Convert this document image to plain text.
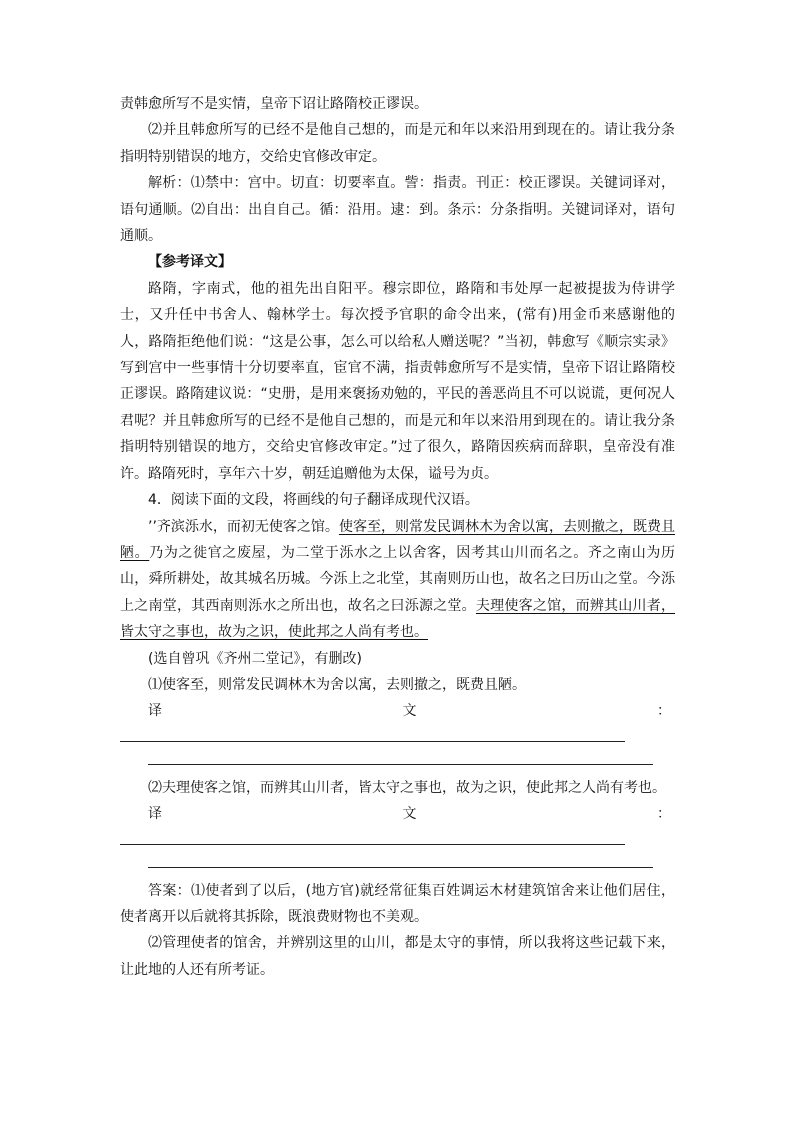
责韩愈所写不是实情，皇帝下诏让路隋校正谬误。

⑵并且韩愈所写的已经不是他自己想的，而是元和年以来沿用到现在的。请让我分条指明特别错误的地方，交给史官修改审定。

解析：⑴禁中：宫中。切直：切要率直。訾：指责。刊正：校正谬误。关键词译对，语句通顺。⑵自出：出自自己。循：沿用。逮：到。条示：分条指明。关键词译对，语句通顺。

【参考译文】

路隋，字南式，他的祖先出自阳平。穆宗即位，路隋和韦处厚一起被提拔为侍讲学士，又升任中书舍人、翰林学士。每次授予官职的命令出来，(常有)用金币来感谢他的人，路隋拒绝他们说：“这是公事，怎么可以给私人赠送呢？”当初，韩愈写《顺宗实录》写到宫中一些事情十分切要率直，宦官不满，指责韩愈所写不是实情，皇帝下诏让路隋校正谬误。路隋建议说：“史册，是用来褒扬劝勉的，平民的善恶尚且不可以说谎，更何况人君呢？并且韩愈所写的已经不是他自己想的，而是元和年以来沿用到现在的。请让我分条指明特别错误的地方，交给史官修改审定。”过了很久，路隋因疾病而辞职，皇帝没有准许。路隋死时，享年六十岁，朝廷追赠他为太保，谥号为贞。

4．阅读下面的文段，将画线的句子翻译成现代汉语。

’’齐滨泺水，而初无使客之馆。使客至，则常发民调林木为舍以寓，去则撤之，既费且陋。乃为之徙官之废屋，为二堂于泺水之上以舍客，因考其山川而名之。齐之南山为历山，舜所耕处，故其城名历城。今泺上之北堂，其南则历山也，故名之曰历山之堂。今泺上之南堂，其西南则泺水之所出也，故名之曰泺源之堂。夫理使客之馆，而辨其山川者，皆太守之事也，故为之识，使此邦之人尚有考也。

(选自曾巩《齐州二堂记》，有删改)

⑴使客至，则常发民调林木为舍以寓，去则撤之，既费且陋。

译	文	：

⑵夫理使客之馆，而辨其山川者，皆太守之事也，故为之识，使此邦之人尚有考也。

译	文	：

答案：⑴使者到了以后，(地方官)就经常征集百姓调运木材建筑馆舍来让他们居住，使者离开以后就将其拆除，既浪费财物也不美观。

⑵管理使者的馆舍，并辨别这里的山川，都是太守的事情，所以我将这些记载下来，让此地的人还有所考证。
